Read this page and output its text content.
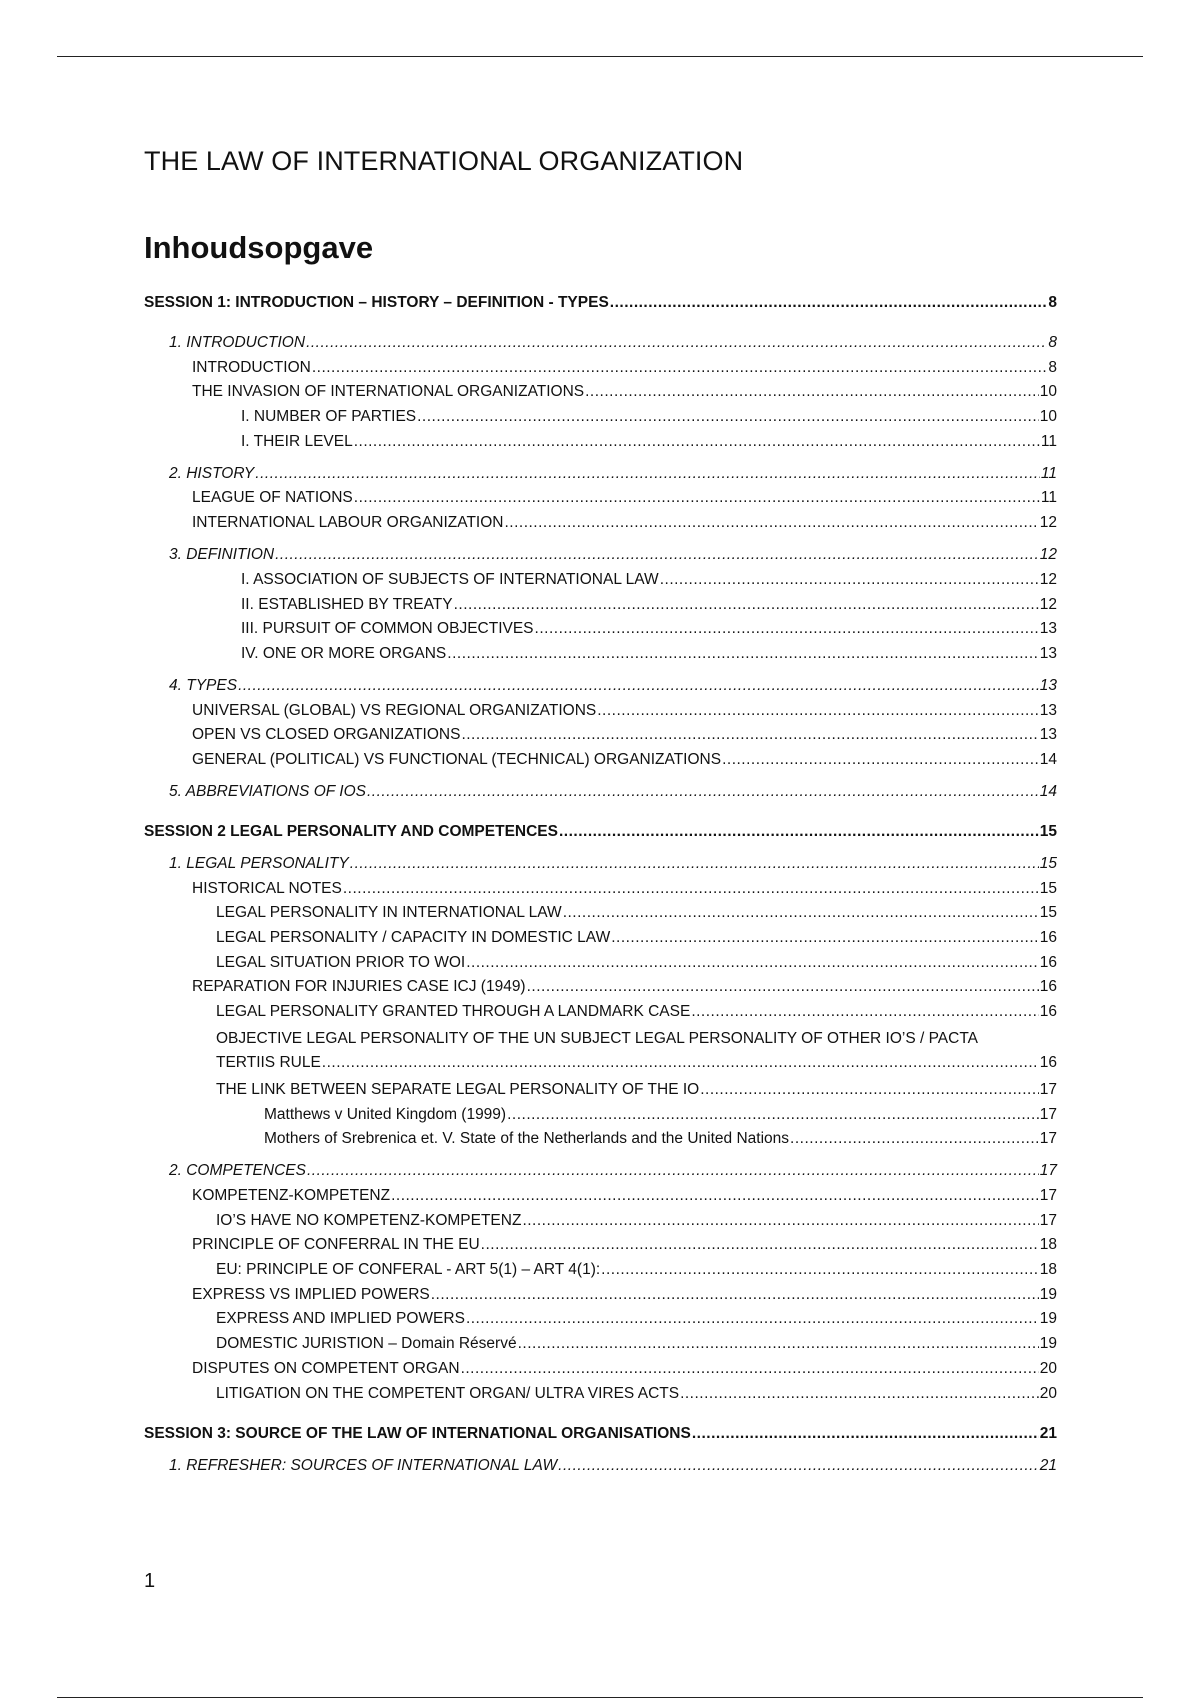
THE LAW OF INTERNATIONAL ORGANIZATION
Inhoudsopgave
SESSION 1: INTRODUCTION – HISTORY – DEFINITION - TYPES .....	8
1. INTRODUCTION .....	8
INTRODUCTION .....	8
THE INVASION OF INTERNATIONAL ORGANIZATIONS .....	10
I. NUMBER OF PARTIES .....	10
I. THEIR LEVEL .....	11
2. HISTORY .....	11
LEAGUE OF NATIONS .....	11
INTERNATIONAL LABOUR ORGANIZATION .....	12
3. DEFINITION .....	12
I. ASSOCIATION OF SUBJECTS OF INTERNATIONAL LAW .....	12
II. ESTABLISHED BY TREATY .....	12
III. PURSUIT OF COMMON OBJECTIVES .....	13
IV. ONE OR MORE ORGANS .....	13
4. TYPES .....	13
UNIVERSAL (GLOBAL) VS REGIONAL ORGANIZATIONS .....	13
OPEN VS CLOSED ORGANIZATIONS .....	13
GENERAL (POLITICAL) VS FUNCTIONAL (TECHNICAL) ORGANIZATIONS .....	14
5. ABBREVIATIONS OF IOS .....	14
SESSION 2 LEGAL PERSONALITY AND COMPETENCES .....	15
1. LEGAL PERSONALITY .....	15
HISTORICAL NOTES .....	15
LEGAL PERSONALITY IN INTERNATIONAL LAW .....	15
LEGAL PERSONALITY / CAPACITY IN DOMESTIC LAW .....	16
LEGAL SITUATION PRIOR TO WOI .....	16
REPARATION FOR INJURIES CASE ICJ (1949) .....	16
LEGAL PERSONALITY GRANTED THROUGH A LANDMARK CASE .....	16
OBJECTIVE LEGAL PERSONALITY OF THE UN SUBJECT LEGAL PERSONALITY OF OTHER IO’S / PACTA
TERTIIS RULE .....	16
THE LINK BETWEEN SEPARATE LEGAL PERSONALITY OF THE IO .....	17
Matthews v United Kingdom (1999) .....	17
Mothers of Srebrenica et. V. State of the Netherlands and the United Nations .....	17
2. COMPETENCES .....	17
KOMPETENZ-KOMPETENZ .....	17
IO’S HAVE NO KOMPETENZ-KOMPETENZ .....	17
PRINCIPLE OF CONFERRAL IN THE EU .....	18
EU: PRINCIPLE OF CONFERAL - ART 5(1) – ART 4(1): .....	18
EXPRESS VS IMPLIED POWERS .....	19
EXPRESS AND IMPLIED POWERS .....	19
DOMESTIC JURISTION – Domain Réservé .....	19
DISPUTES ON COMPETENT ORGAN .....	20
LITIGATION ON THE COMPETENT ORGAN/ ULTRA VIRES ACTS .....	20
SESSION 3: SOURCE OF THE LAW OF INTERNATIONAL ORGANISATIONS .....	21
1. REFRESHER: SOURCES OF INTERNATIONAL LAW .....	21
1
